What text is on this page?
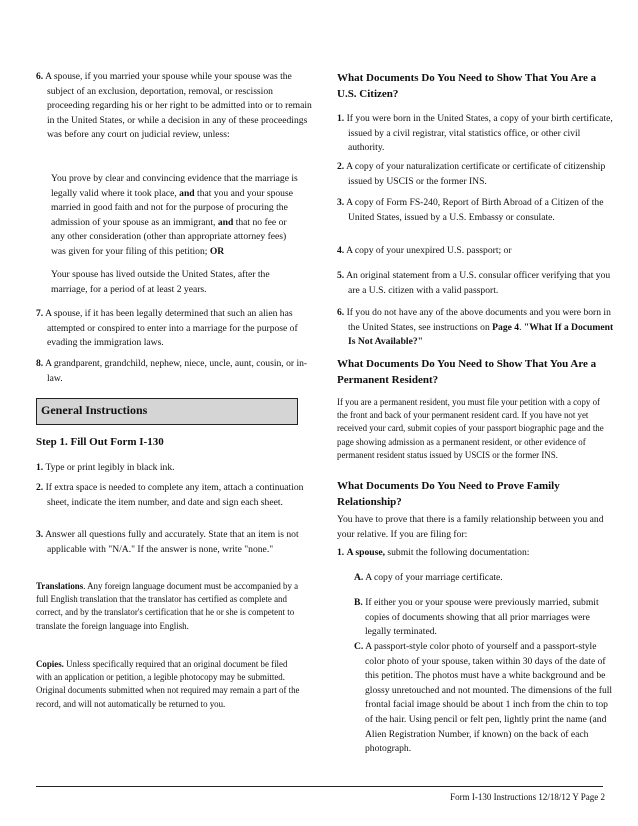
6. A spouse, if you married your spouse while your spouse was the subject of an exclusion, deportation, removal, or rescission proceeding regarding his or her right to be admitted into or to remain in the United States, or while a decision in any of these proceedings was before any court on judicial review, unless:

You prove by clear and convincing evidence that the marriage is legally valid where it took place, and that you and your spouse married in good faith and not for the purpose of procuring the admission of your spouse as an immigrant, and that no fee or any other consideration (other than appropriate attorney fees) was given for your filing of this petition; OR

Your spouse has lived outside the United States, after the marriage, for a period of at least 2 years.

7. A spouse, if it has been legally determined that such an alien has attempted or conspired to enter into a marriage for the purpose of evading the immigration laws.

8. A grandparent, grandchild, nephew, niece, uncle, aunt, cousin, or in-law.

General Instructions

Step 1. Fill Out Form I-130

1. Type or print legibly in black ink.

2. If extra space is needed to complete any item, attach a continuation sheet, indicate the item number, and date and sign each sheet.

3. Answer all questions fully and accurately. State that an item is not applicable with "N/A." If the answer is none, write "none."

Translations. Any foreign language document must be accompanied by a full English translation that the translator has certified as complete and correct, and by the translator's certification that he or she is competent to translate the foreign language into English.

Copies. Unless specifically required that an original document be filed with an application or petition, a legible photocopy may be submitted. Original documents submitted when not required may remain a part of the record, and will not automatically be returned to you.

What Documents Do You Need to Show That You Are a U.S. Citizen?

1. If you were born in the United States, a copy of your birth certificate, issued by a civil registrar, vital statistics office, or other civil authority.

2. A copy of your naturalization certificate or certificate of citizenship issued by USCIS or the former INS.

3. A copy of Form FS-240, Report of Birth Abroad of a Citizen of the United States, issued by a U.S. Embassy or consulate.

4. A copy of your unexpired U.S. passport; or

5. An original statement from a U.S. consular officer verifying that you are a U.S. citizen with a valid passport.

6. If you do not have any of the above documents and you were born in the United States, see instructions on Page 4. "What If a Document Is Not Available?"

What Documents Do You Need to Show That You Are a Permanent Resident?

If you are a permanent resident, you must file your petition with a copy of the front and back of your permanent resident card. If you have not yet received your card, submit copies of your passport biographic page and the page showing admission as a permanent resident, or other evidence of permanent resident status issued by USCIS or the former INS.

What Documents Do You Need to Prove Family Relationship?

You have to prove that there is a family relationship between you and your relative. If you are filing for:

1. A spouse, submit the following documentation:

A. A copy of your marriage certificate.

B. If either you or your spouse were previously married, submit copies of documents showing that all prior marriages were legally terminated.

C. A passport-style color photo of yourself and a passport-style color photo of your spouse, taken within 30 days of the date of this petition. The photos must have a white background and be glossy unretouched and not mounted. The dimensions of the full frontal facial image should be about 1 inch from the chin to top of the hair. Using pencil or felt pen, lightly print the name (and Alien Registration Number, if known) on the back of each photograph.

Form I-130 Instructions 12/18/12 Y Page 2
